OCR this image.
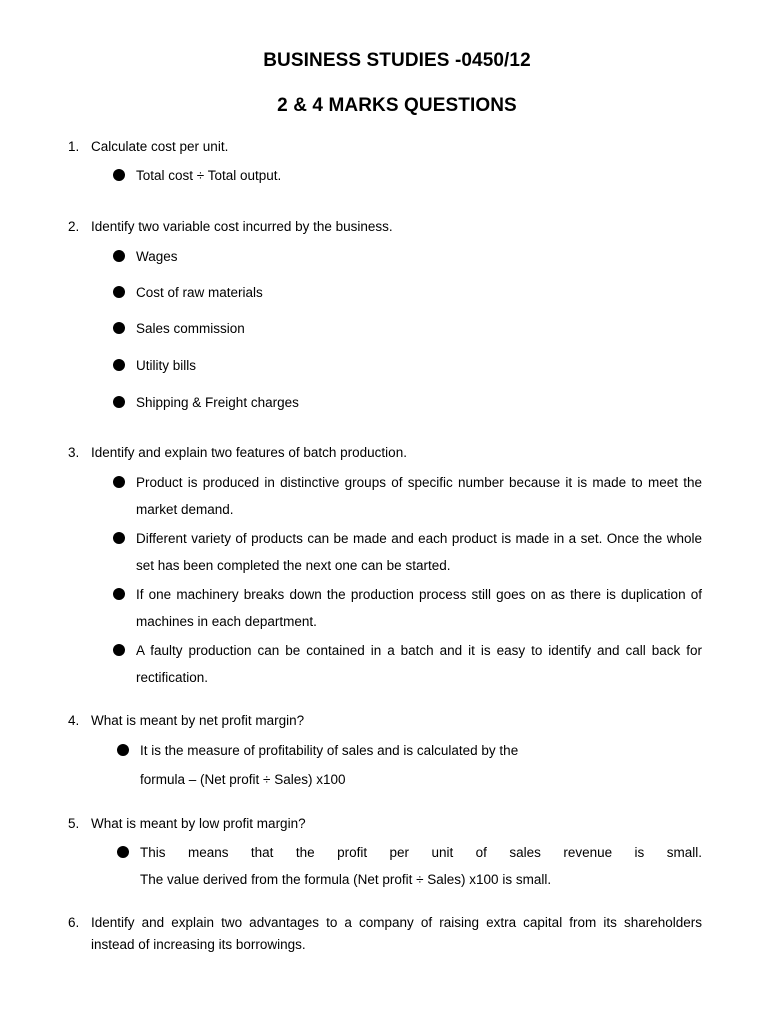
BUSINESS STUDIES -0450/12
2 & 4 MARKS QUESTIONS
1. Calculate cost per unit.
Total cost ÷ Total output.
2. Identify two variable cost incurred by the business.
Wages
Cost of raw materials
Sales commission
Utility bills
Shipping & Freight charges
3. Identify and explain two features of batch production.
Product is produced in distinctive groups of specific number because it is made to meet the market demand.
Different variety of products can be made and each product is made in a set. Once the whole set has been completed the next one can be started.
If one machinery breaks down the production process still goes on as there is duplication of machines in each department.
A faulty production can be contained in a batch and it is easy to identify and call back for rectification.
4. What is meant by net profit margin?
It is the measure of profitability of sales and is calculated by the
formula – (Net profit ÷ Sales) x100
5. What is meant by low profit margin?
This means that the profit per unit of sales revenue is small.
The value derived from the formula (Net profit ÷ Sales) x100 is small.
6. Identify and explain two advantages to a company of raising extra capital from its shareholders instead of increasing its borrowings.
